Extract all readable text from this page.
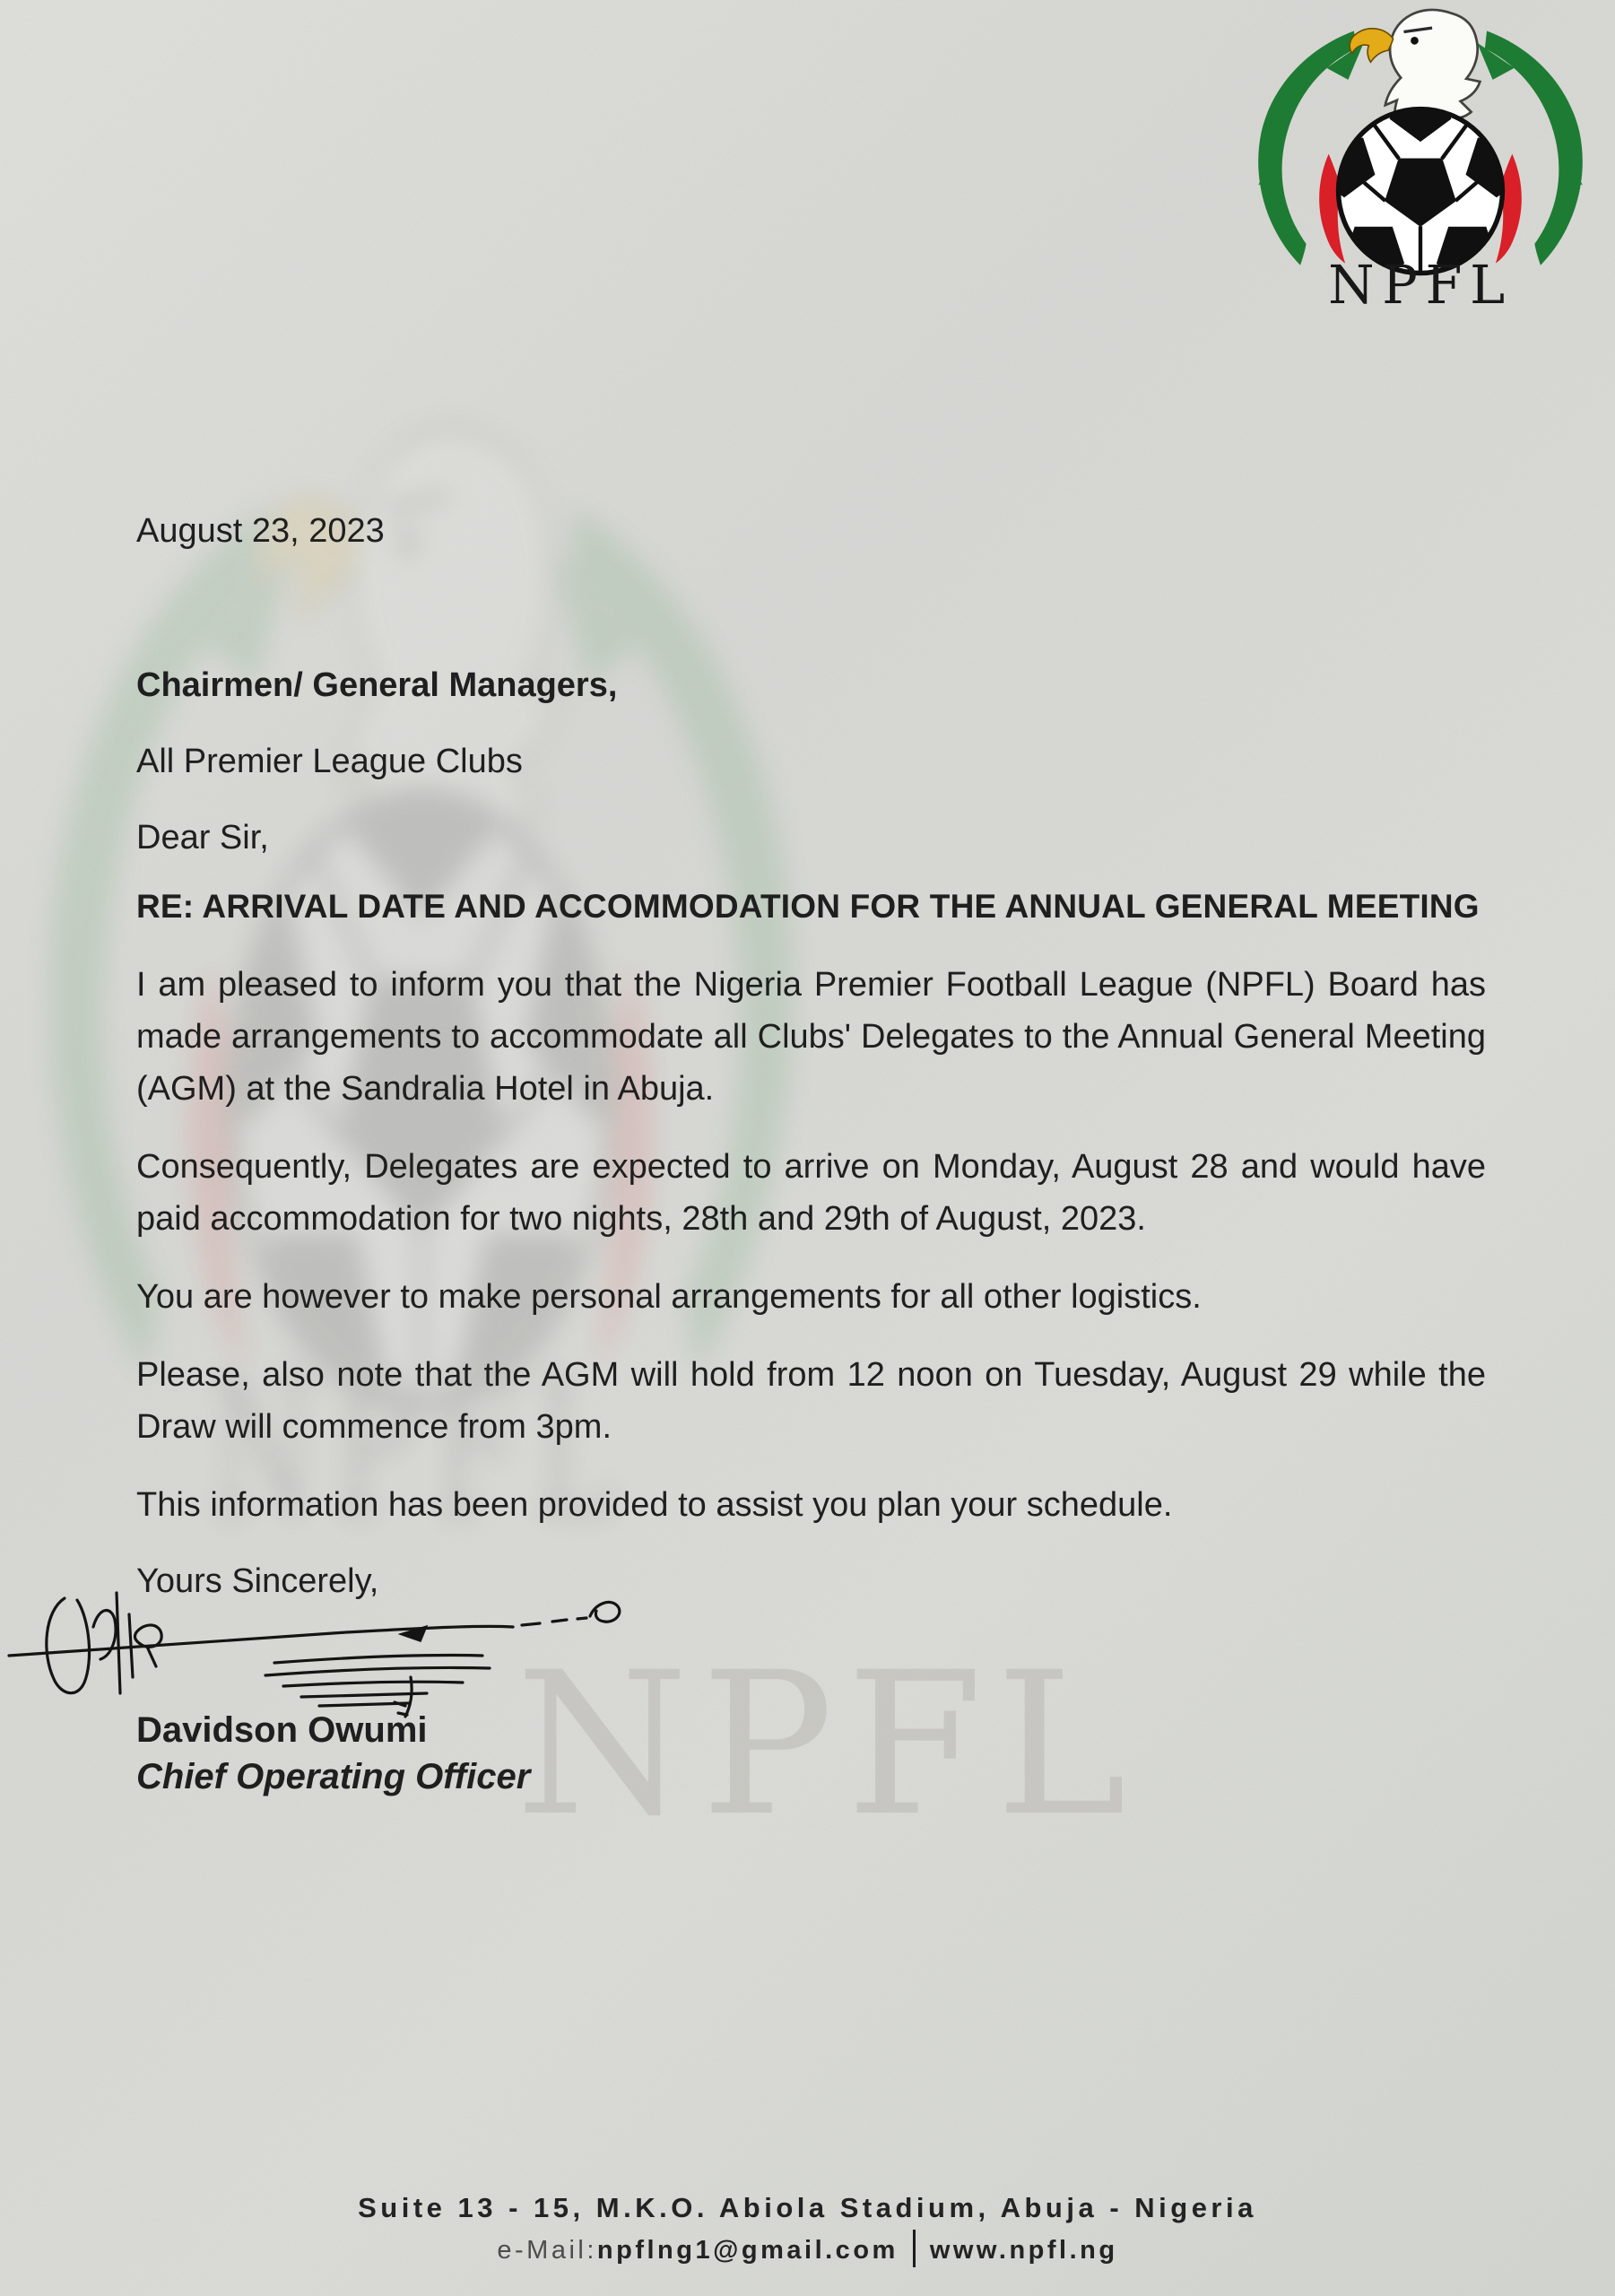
NPFL
August 23, 2023
Chairmen/ General Managers,
All Premier League Clubs
Dear Sir,
RE: ARRIVAL DATE AND ACCOMMODATION FOR THE ANNUAL GENERAL MEETING

I am pleased to inform you that the Nigeria Premier Football League (NPFL) Board has made arrangements to accommodate all Clubs' Delegates to the Annual General Meeting (AGM) at the Sandralia Hotel in Abuja.

Consequently, Delegates are expected to arrive on Monday, August 28 and would have paid accommodation for two nights, 28th and 29th of August, 2023.

You are however to make personal arrangements for all other logistics.

Please, also note that the AGM will hold from 12 noon on Tuesday, August 29 while the Draw will commence from 3pm.

This information has been provided to assist you plan your schedule.

Yours Sincerely,
Davidson Owumi
Chief Operating Officer
Suite 13 - 15, M.K.O. Abiola Stadium, Abuja - Nigeria
e-Mail:npflng1@gmail.com www.npfl.ng
